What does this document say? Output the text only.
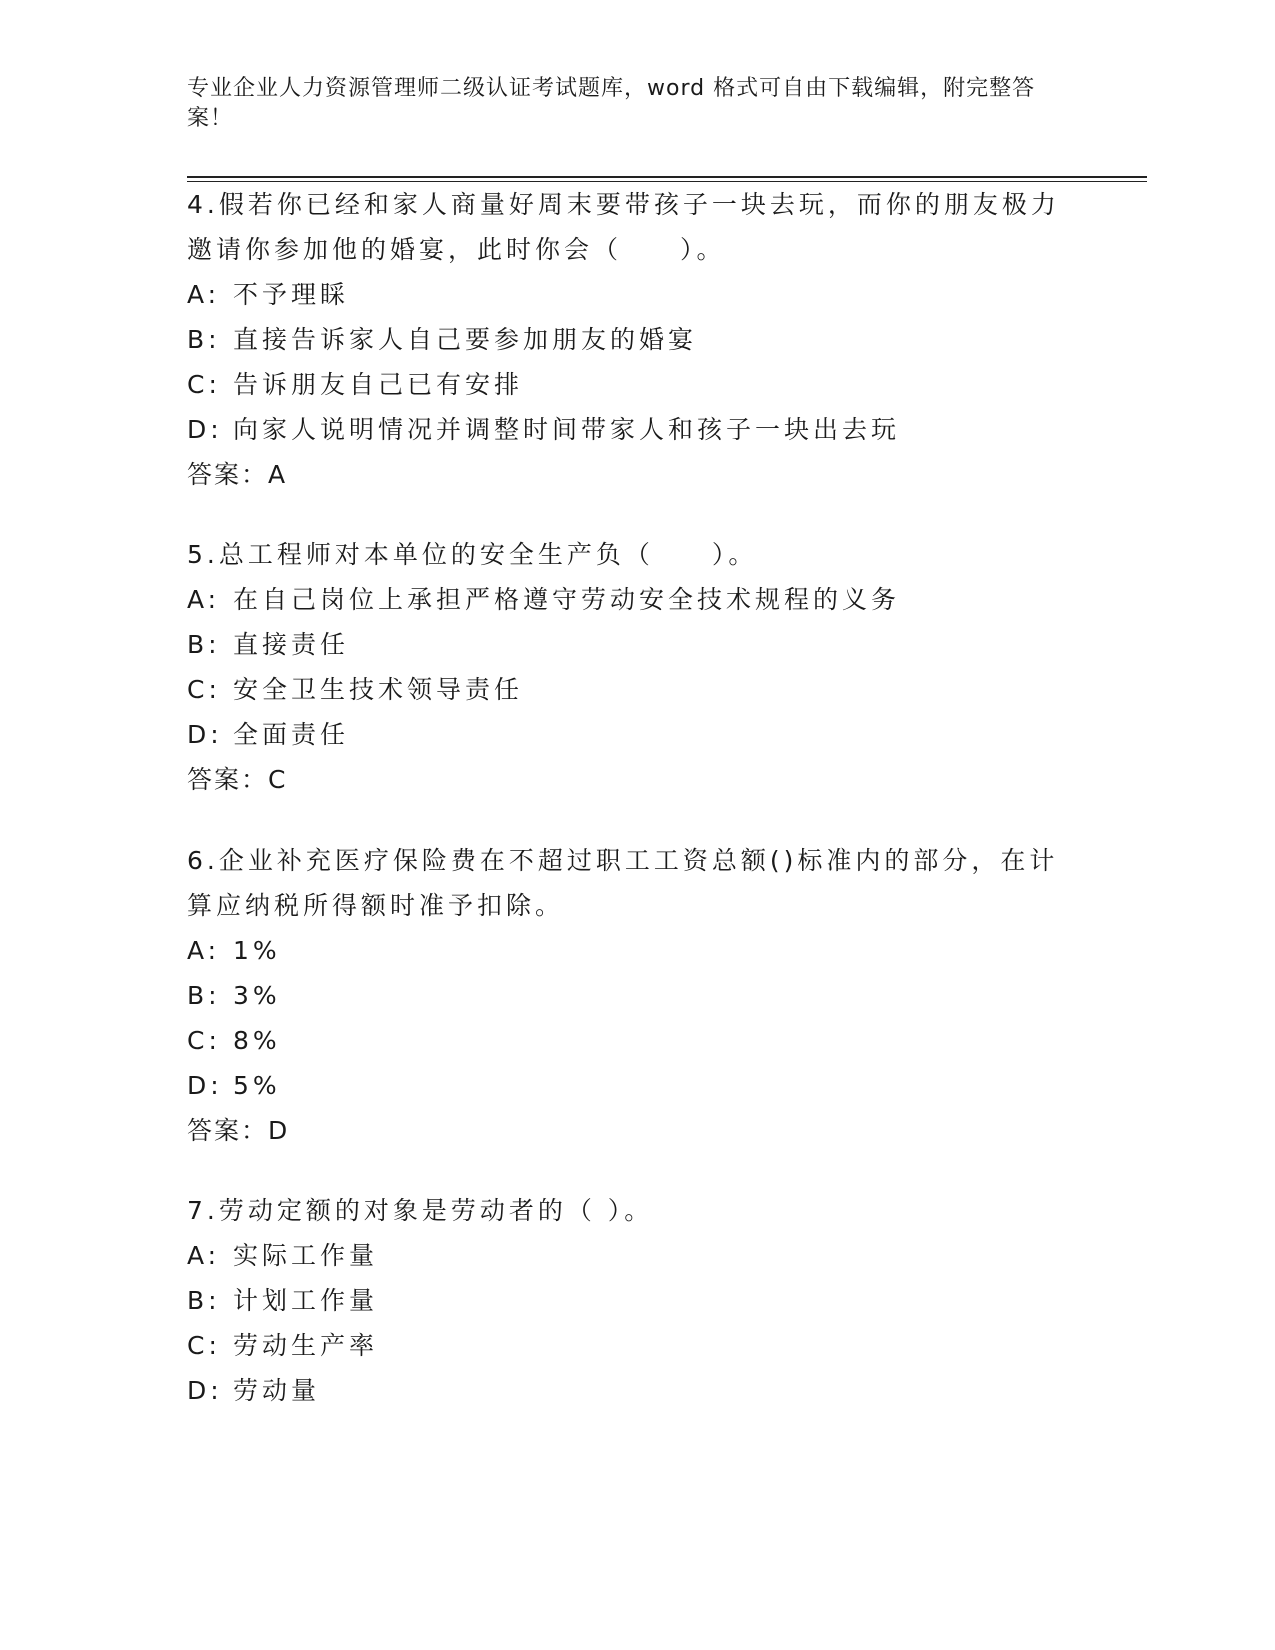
专业企业人力资源管理师二级认证考试题库，word 格式可自由下载编辑，附完整答案！

4.假若你已经和家人商量好周末要带孩子一块去玩，而你的朋友极力邀请你参加他的婚宴，此时你会（　　）。

A: 不予理睬
B: 直接告诉家人自己要参加朋友的婚宴
C: 告诉朋友自己已有安排
D: 向家人说明情况并调整时间带家人和孩子一块出去玩
答案：A

5.总工程师对本单位的安全生产负（　　）。

A: 在自己岗位上承担严格遵守劳动安全技术规程的义务
B: 直接责任
C: 安全卫生技术领导责任
D: 全面责任
答案：C

6.企业补充医疗保险费在不超过职工工资总额()标准内的部分，在计算应纳税所得额时准予扣除。

A: 1%
B: 3%
C: 8%
D: 5%
答案：D

7.劳动定额的对象是劳动者的（ ）。

A: 实际工作量
B: 计划工作量
C: 劳动生产率
D: 劳动量
